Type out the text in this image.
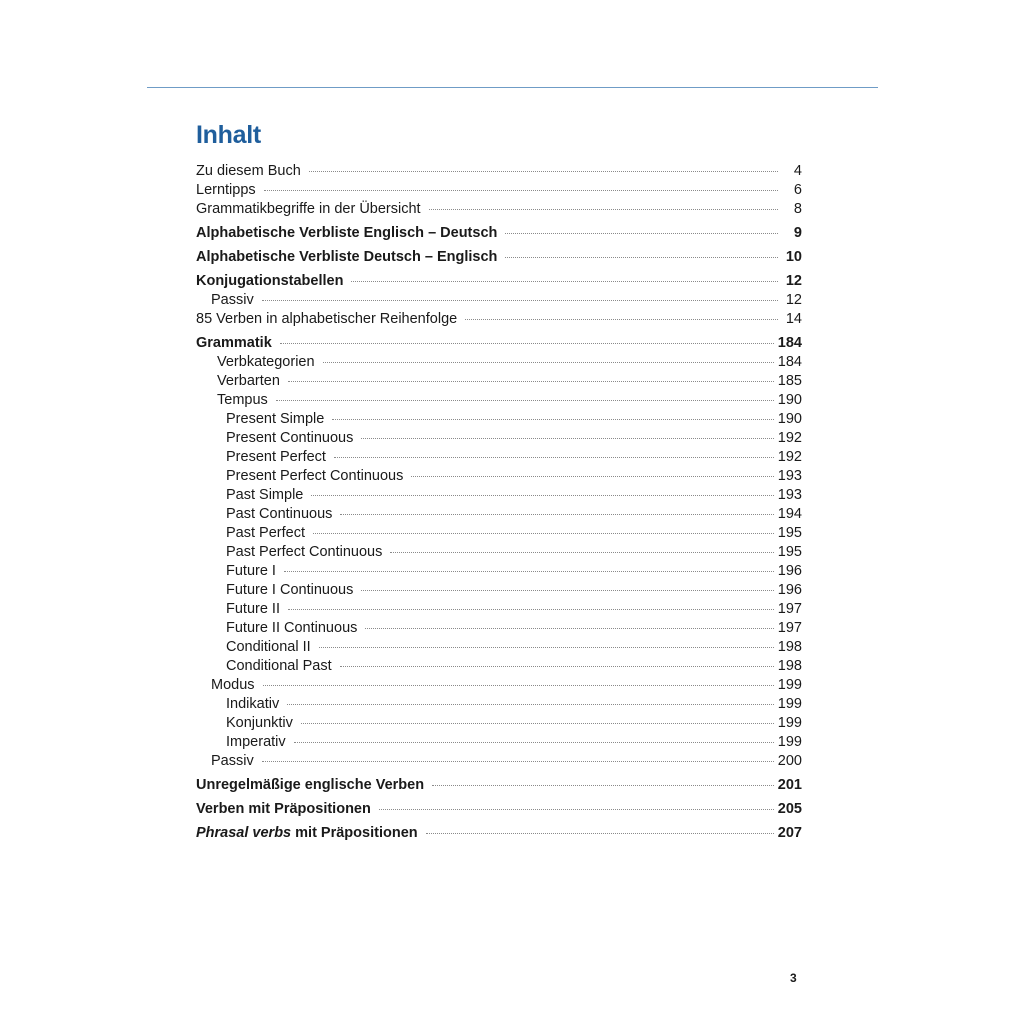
Inhalt
Zu diesem Buch	4
Lerntipps	6
Grammatikbegriffe in der Übersicht	8
Alphabetische Verbliste Englisch – Deutsch	9
Alphabetische Verbliste Deutsch – Englisch	10
Konjugationstabellen	12
Passiv	12
85 Verben in alphabetischer Reihenfolge	14
Grammatik	184
Verbkategorien	184
Verbarten	185
Tempus	190
Present Simple	190
Present Continuous	192
Present Perfect	192
Present Perfect Continuous	193
Past Simple	193
Past Continuous	194
Past Perfect	195
Past Perfect Continuous	195
Future I	196
Future I Continuous	196
Future II	197
Future II Continuous	197
Conditional II	198
Conditional Past	198
Modus	199
Indikativ	199
Konjunktiv	199
Imperativ	199
Passiv	200
Unregelmäßige englische Verben	201
Verben mit Präpositionen	205
Phrasal verbs mit Präpositionen	207
3
